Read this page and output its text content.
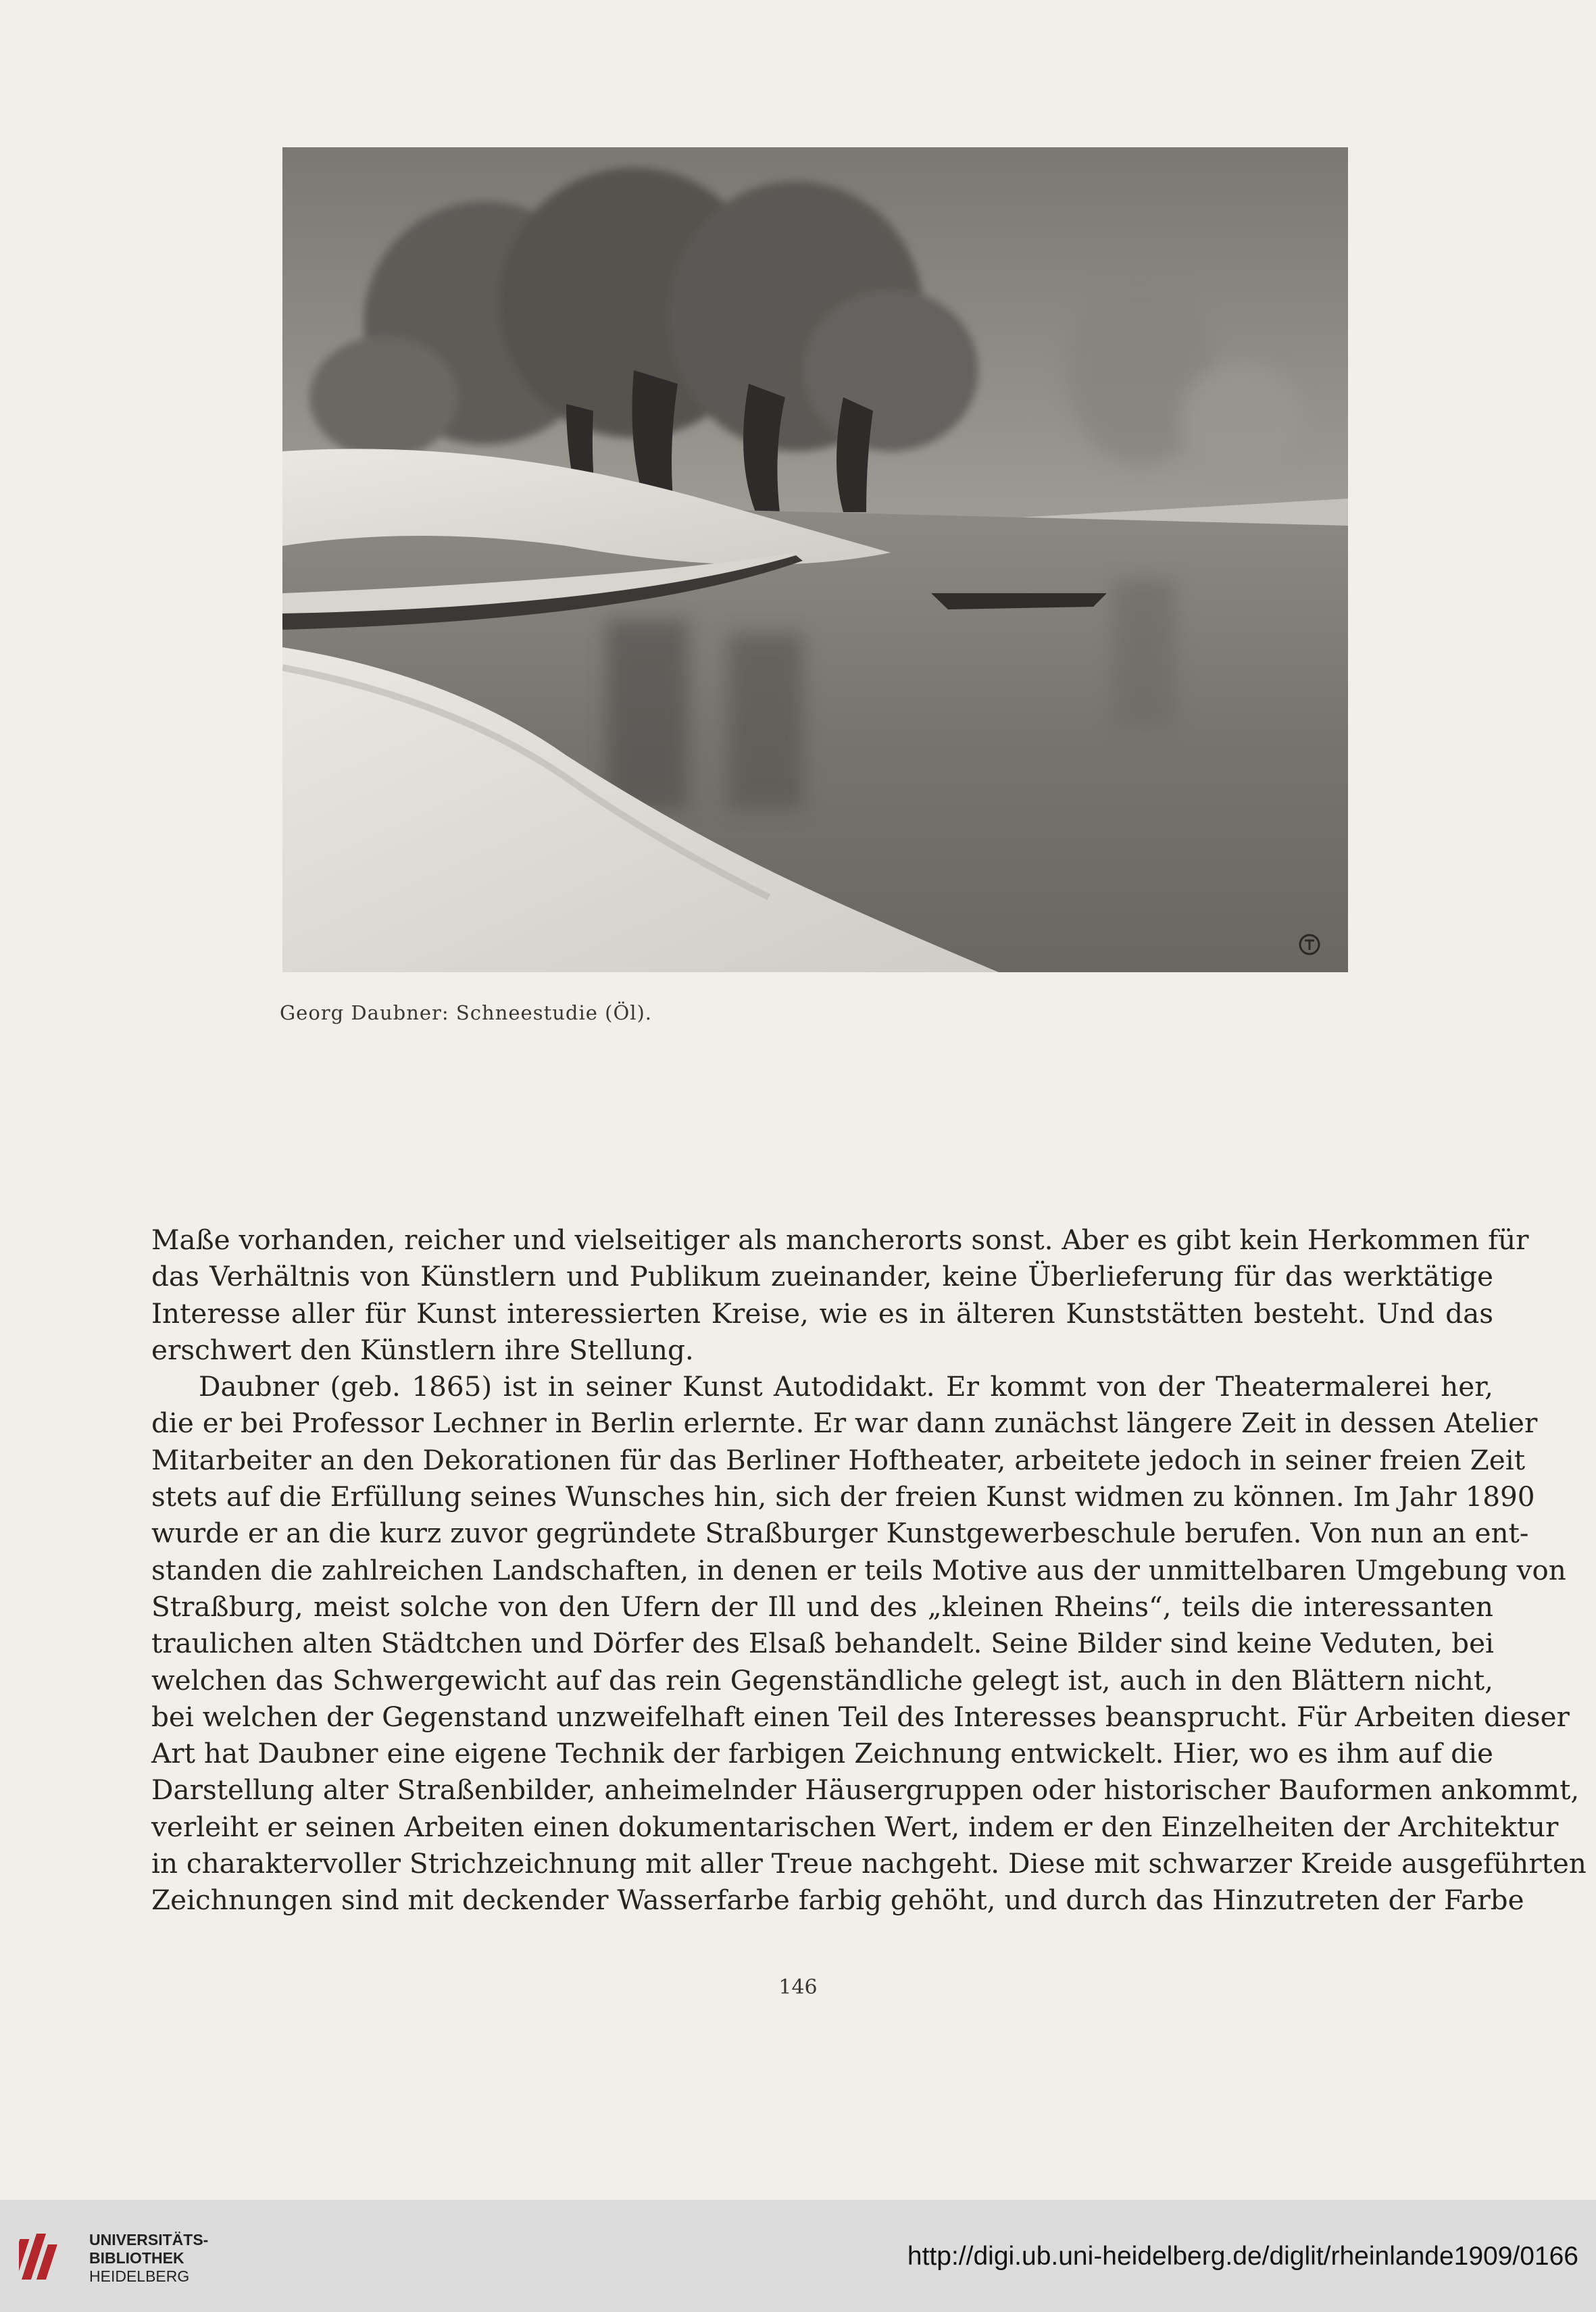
Georg Daubner: Schneestudie (Öl).
Maße vorhanden, reicher und vielseitiger als mancherorts sonst. Aber es gibt kein Herkommen für
das Verhältnis von Künstlern und Publikum zueinander, keine Überlieferung für das werktätige
Interesse aller für Kunst interessierten Kreise, wie es in älteren Kunststätten besteht. Und das
erschwert den Künstlern ihre Stellung.
Daubner (geb. 1865) ist in seiner Kunst Autodidakt. Er kommt von der Theatermalerei her,
die er bei Professor Lechner in Berlin erlernte. Er war dann zunächst längere Zeit in dessen Atelier
Mitarbeiter an den Dekorationen für das Berliner Hoftheater, arbeitete jedoch in seiner freien Zeit
stets auf die Erfüllung seines Wunsches hin, sich der freien Kunst widmen zu können. Im Jahr 1890
wurde er an die kurz zuvor gegründete Straßburger Kunstgewerbeschule berufen. Von nun an ent-
standen die zahlreichen Landschaften, in denen er teils Motive aus der unmittelbaren Umgebung von
Straßburg, meist solche von den Ufern der Ill und des „kleinen Rheins“, teils die interessanten
traulichen alten Städtchen und Dörfer des Elsaß behandelt. Seine Bilder sind keine Veduten, bei
welchen das Schwergewicht auf das rein Gegenständliche gelegt ist, auch in den Blättern nicht,
bei welchen der Gegenstand unzweifelhaft einen Teil des Interesses beansprucht. Für Arbeiten dieser
Art hat Daubner eine eigene Technik der farbigen Zeichnung entwickelt. Hier, wo es ihm auf die
Darstellung alter Straßenbilder, anheimelnder Häusergruppen oder historischer Bauformen ankommt,
verleiht er seinen Arbeiten einen dokumentarischen Wert, indem er den Einzelheiten der Architektur
in charaktervoller Strichzeichnung mit aller Treue nachgeht. Diese mit schwarzer Kreide ausgeführten
Zeichnungen sind mit deckender Wasserfarbe farbig gehöht, und durch das Hinzutreten der Farbe
146
UNIVERSITÄTS-
BIBLIOTHEK
HEIDELBERG
http://digi.ub.uni-heidelberg.de/diglit/rheinlande1909/0166
